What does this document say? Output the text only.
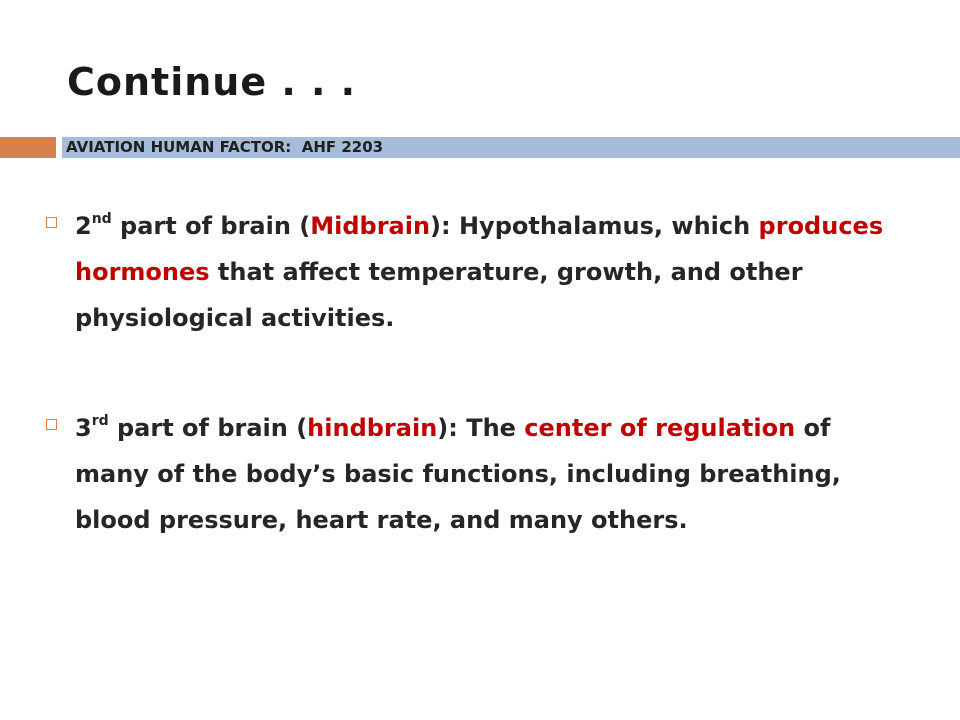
Continue . . .

AVIATION HUMAN FACTOR:  AHF 2203

2nd part of brain (Midbrain): Hypothalamus, which produces hormones that affect temperature, growth, and other physiological activities.

3rd part of brain (hindbrain): The center of regulation of many of the body’s basic functions, including breathing, blood pressure, heart rate, and many others.
